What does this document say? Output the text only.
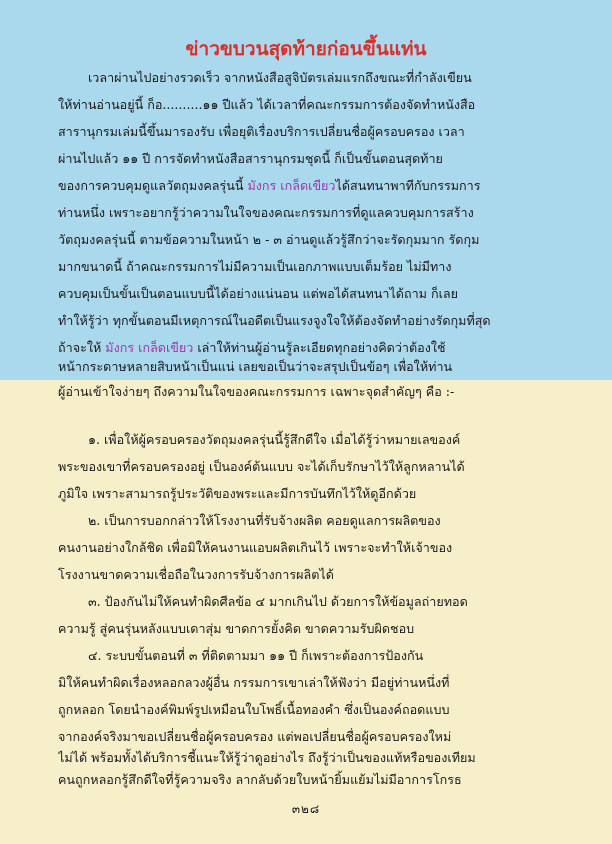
ข่าวขบวนสุดท้ายก่อนขึ้นแท่น
เวลาผ่านไปอย่างรวดเร็ว จากหนังสือสูจิบัตรเล่มแรกถึงขณะที่กำลังเขียน
ให้ท่านอ่านอยู่นี้ ก็อ..........๑๑ ปีแล้ว ได้เวลาที่คณะกรรมการต้องจัดทำหนังสือ
สารานุกรมเล่มนี้ขึ้นมารองรับ เพื่อยุติเรื่องบริการเปลี่ยนชื่อผู้ครอบครอง เวลา
ผ่านไปแล้ว ๑๑ ปี การจัดทำหนังสือสารานุกรมชุดนี้ ก็เป็นขั้นตอนสุดท้าย
ของการควบคุมดูแลวัตถุมงคลรุ่นนี้ มังกร เกล็ดเขียวได้สนทนาพาทีกับกรรมการ
ท่านหนึ่ง เพราะอยากรู้ว่าความในใจของคณะกรรมการที่ดูแลควบคุมการสร้าง
วัตถุมงคลรุ่นนี้ ตามข้อความในหน้า ๒ - ๓ อ่านดูแล้วรู้สึกว่าจะรัดกุมมาก รัดกุม
มากขนาดนี้ ถ้าคณะกรรมการไม่มีความเป็นเอกภาพแบบเต็มร้อย ไม่มีทาง
ควบคุมเป็นขั้นเป็นตอนแบบนี้ได้อย่างแน่นอน แต่พอได้สนทนาได้ถาม ก็เลย
ทำให้รู้ว่า ทุกขั้นตอนมีเหตุการณ์ในอดีตเป็นแรงจูงใจให้ต้องจัดทำอย่างรัดกุมที่สุด
ถ้าจะให้ มังกร เกล็ดเขียว เล่าให้ท่านผู้อ่านรู้ละเอียดทุกอย่างคิดว่าต้องใช้
หน้ากระดาษหลายสิบหน้าเป็นแน่ เลยขอเป็นว่าจะสรุปเป็นข้อๆ เพื่อให้ท่าน
ผู้อ่านเข้าใจง่ายๆ ถึงความในใจของคณะกรรมการ เฉพาะจุดสำคัญๆ คือ :-
๑. เพื่อให้ผู้ครอบครองวัตถุมงคลรุ่นนี้รู้สึกดีใจ เมื่อได้รู้ว่าหมายเลของค์
พระของเขาที่ครอบครองอยู่ เป็นองค์ต้นแบบ จะได้เก็บรักษาไว้ให้ลูกหลานได้
ภูมิใจ เพราะสามารถรู้ประวัติของพระและมีการบันทึกไว้ให้ดูอีกด้วย
๒. เป็นการบอกกล่าวให้โรงงานที่รับจ้างผลิต คอยดูแลการผลิตของ
คนงานอย่างใกล้ชิด เพื่อมิให้คนงานแอบผลิตเกินไว้ เพราะจะทำให้เจ้าของ
โรงงานขาดความเชื่อถือในวงการรับจ้างการผลิตได้
๓. ป้องกันไม่ให้คนทำผิดศีลข้อ ๔ มากเกินไป ด้วยการให้ข้อมูลถ่ายทอด
ความรู้ สู่คนรุ่นหลังแบบเดาสุ่ม ขาดการยั้งคิด ขาดความรับผิดชอบ
๔. ระบบขั้นตอนที่ ๓ ที่ติดตามมา ๑๑ ปี ก็เพราะต้องการป้องกัน
มิให้คนทำผิดเรื่องหลอกลวงผู้อื่น กรรมการเขาเล่าให้ฟังว่า มีอยู่ท่านหนึ่งที่
ถูกหลอก โดยนำองค์พิมพ์รูปเหมือนใบโพธิ์เนื้อทองคำ ซึ่งเป็นองค์ถอดแบบ
จากองค์จริงมาขอเปลี่ยนชื่อผู้ครอบครอง แต่พอเปลี่ยนชื่อผู้ครอบครองใหม่
ไม่ได้ พร้อมทั้งได้บริการชี้แนะให้รู้ว่าดูอย่างไร ถึงรู้ว่าเป็นของแท้หรือของเทียม
คนถูกหลอกรู้สึกดีใจที่รู้ความจริง ลากลับด้วยใบหน้ายิ้มแย้มไม่มีอาการโกรธ
๓๒๘
